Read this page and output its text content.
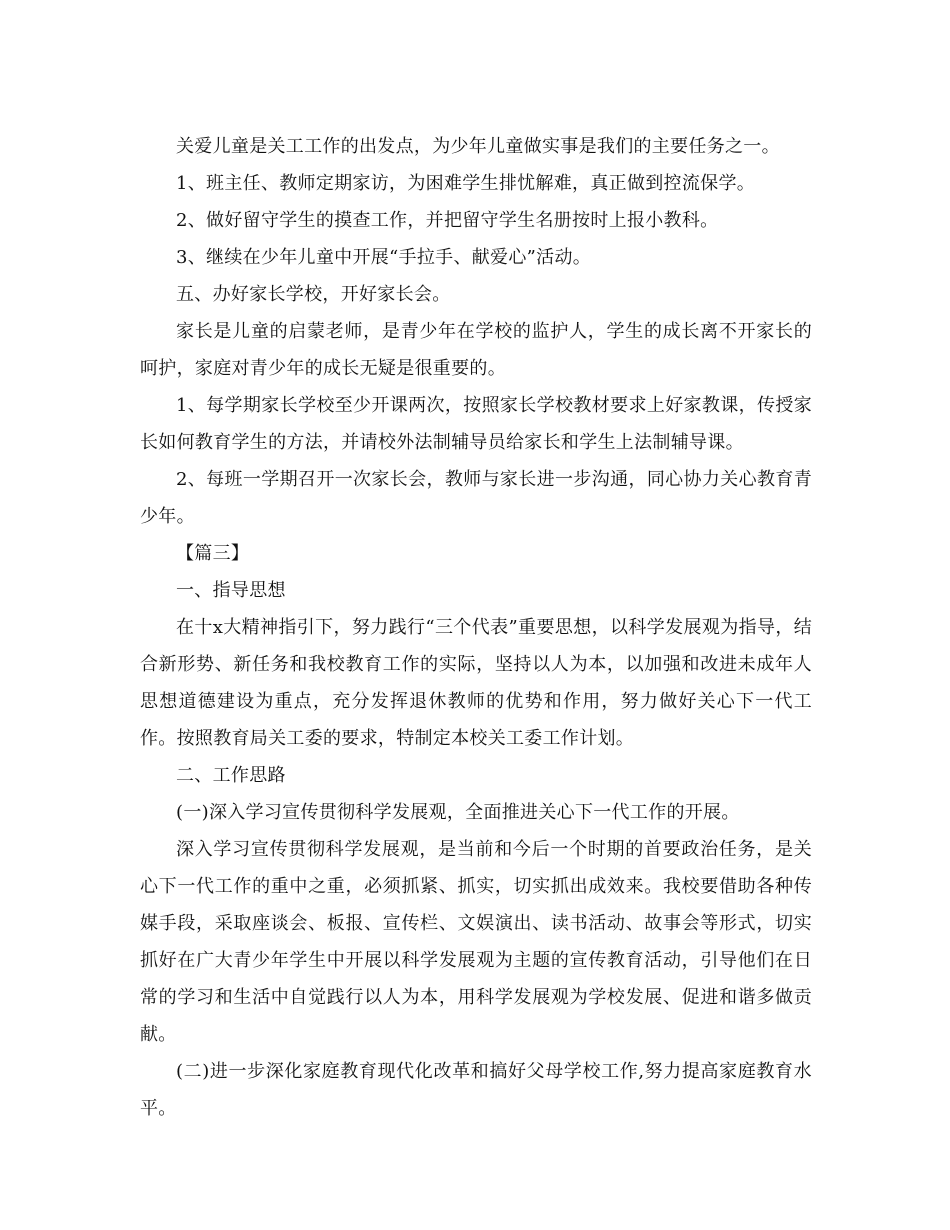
关爱儿童是关工工作的出发点，为少年儿童做实事是我们的主要任务之一。

1、班主任、教师定期家访，为困难学生排忧解难，真正做到控流保学。

2、做好留守学生的摸查工作，并把留守学生名册按时上报小教科。

3、继续在少年儿童中开展“手拉手、献爱心”活动。

五、办好家长学校，开好家长会。

家长是儿童的启蒙老师，是青少年在学校的监护人，学生的成长离不开家长的呵护，家庭对青少年的成长无疑是很重要的。

1、每学期家长学校至少开课两次，按照家长学校教材要求上好家教课，传授家长如何教育学生的方法，并请校外法制辅导员给家长和学生上法制辅导课。

2、每班一学期召开一次家长会，教师与家长进一步沟通，同心协力关心教育青少年。

【篇三】

一、指导思想

在十x大精神指引下，努力践行“三个代表”重要思想，以科学发展观为指导，结合新形势、新任务和我校教育工作的实际，坚持以人为本，以加强和改进未成年人思想道德建设为重点，充分发挥退休教师的优势和作用，努力做好关心下一代工作。按照教育局关工委的要求，特制定本校关工委工作计划。

二、工作思路

(一)深入学习宣传贯彻科学发展观，全面推进关心下一代工作的开展。

深入学习宣传贯彻科学发展观，是当前和今后一个时期的首要政治任务，是关心下一代工作的重中之重，必须抓紧、抓实，切实抓出成效来。我校要借助各种传媒手段，采取座谈会、板报、宣传栏、文娱演出、读书活动、故事会等形式，切实抓好在广大青少年学生中开展以科学发展观为主题的宣传教育活动，引导他们在日常的学习和生活中自觉践行以人为本，用科学发展观为学校发展、促进和谐多做贡献。

(二)进一步深化家庭教育现代化改革和搞好父母学校工作,努力提高家庭教育水平。
